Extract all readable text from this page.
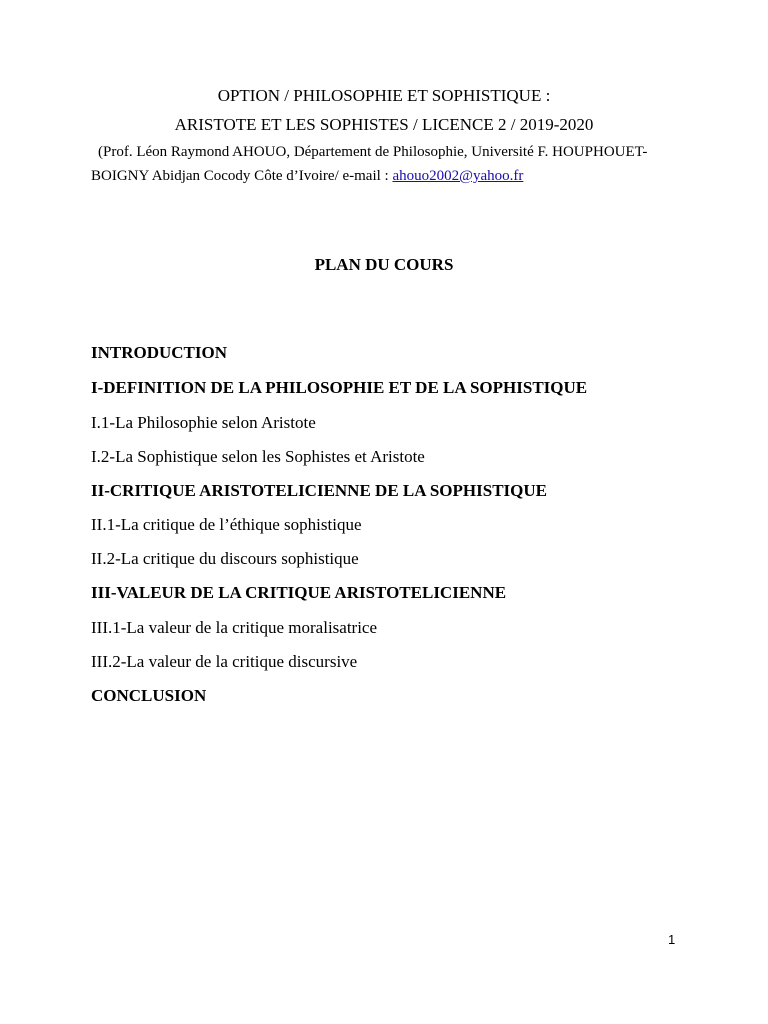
OPTION / PHILOSOPHIE ET SOPHISTIQUE :
ARISTOTE ET LES SOPHISTES / LICENCE 2 / 2019-2020
(Prof. Léon Raymond AHOUO, Département de Philosophie, Université F. HOUPHOUET-
BOIGNY Abidjan Cocody Côte d’Ivoire/ e-mail : ahouo2002@yahoo.fr
PLAN DU COURS
INTRODUCTION
I-DEFINITION DE LA PHILOSOPHIE ET DE LA SOPHISTIQUE
I.1-La Philosophie selon Aristote
I.2-La Sophistique selon les Sophistes et Aristote
II-CRITIQUE ARISTOTELICIENNE DE LA SOPHISTIQUE
II.1-La critique de l’éthique sophistique
II.2-La critique du discours sophistique
III-VALEUR DE LA CRITIQUE ARISTOTELICIENNE
III.1-La valeur de la critique moralisatrice
III.2-La valeur de la critique discursive
CONCLUSION
1
